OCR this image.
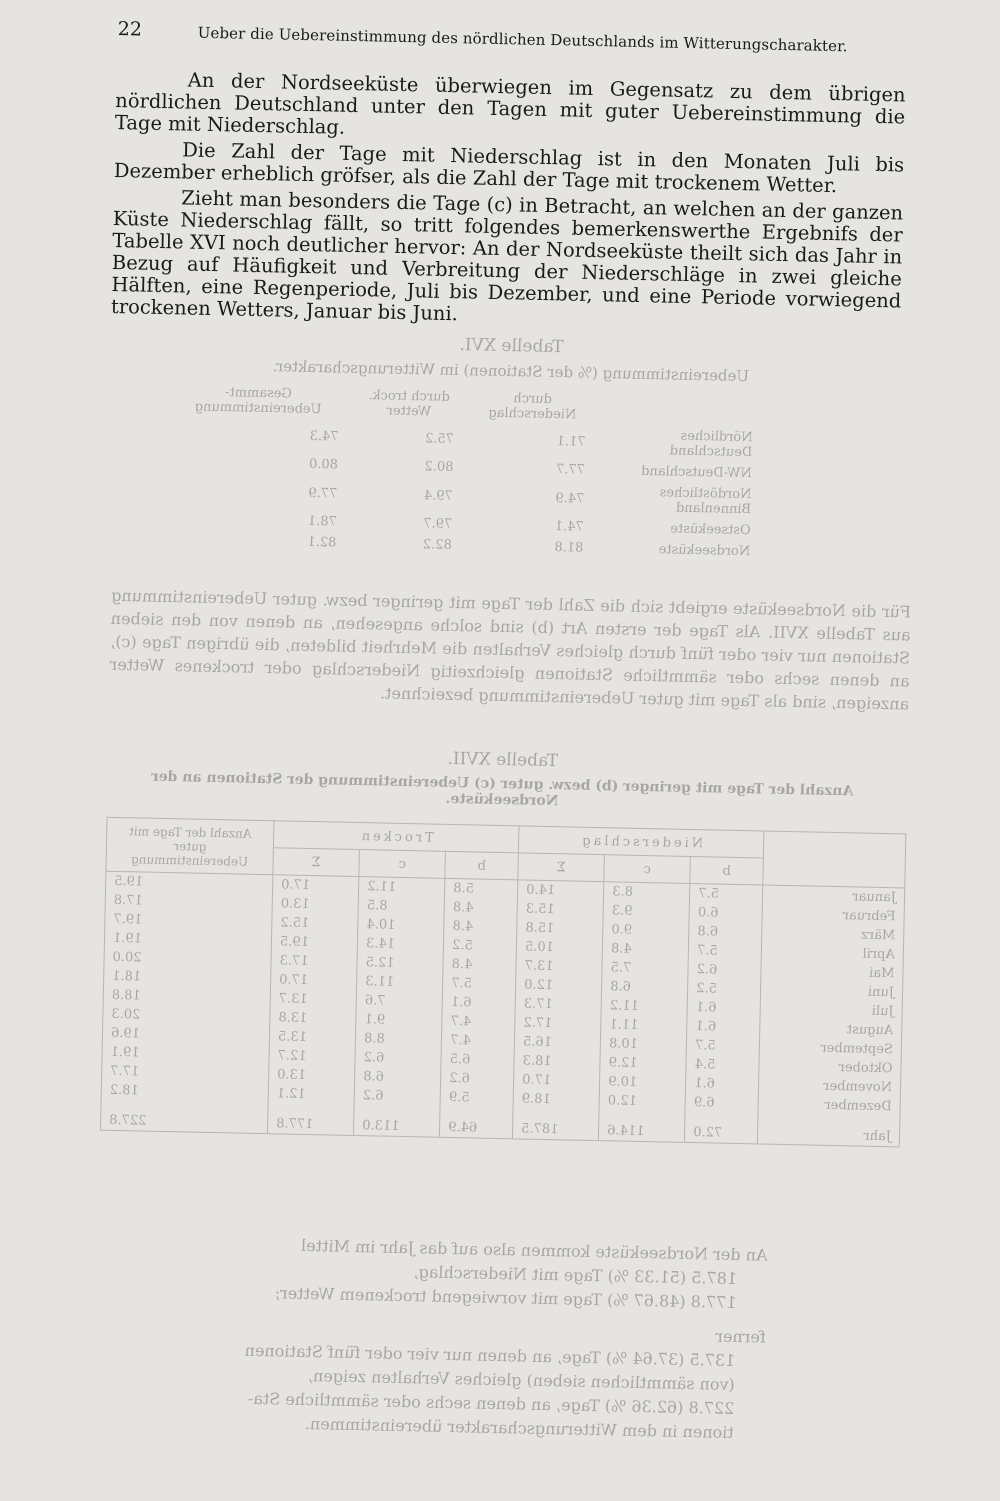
22	Ueber die Uebereinstimmung des nördlichen Deutschlands im Witterungscharakter.

An der Nordseeküste überwiegen im Gegensatz zu dem übrigen nördlichen Deutschland unter den Tagen mit guter Uebereinstimmung die Tage mit Niederschlag.

Die Zahl der Tage mit Niederschlag ist in den Monaten Juli bis Dezember erheblich gröfser, als die Zahl der Tage mit trockenem Wetter.

Zieht man besonders die Tage (c) in Betracht, an welchen an der ganzen Küste Niederschlag fällt, so tritt folgendes bemerkenswerthe Ergebnifs der Tabelle XVI noch deutlicher hervor: An der Nordseeküste theilt sich das Jahr in Bezug auf Häufigkeit und Verbreitung der Niederschläge in zwei gleiche Hälften, eine Regenperiode, Juli bis Dezember, und eine Periode vorwiegend trockenen Wetters, Januar bis Juni.

Tabelle XVI.
Uebereinstimmung (% der Stationen) im Witterungscharakter.
	durch Niederschlag	durch trock. Wetter	Gesammt-Uebereinstimmung
Nördliches Deutschland	71.1	75.2	74.3
NW-Deutschland	77.7	80.2	80.0
Nordöstliches Binnenland	74.9	79.4	77.9
Ostseeküste	74.1	79.7	78.1
Nordseeküste	81.8	82.2	82.1

Für die Nordseeküste ergiebt sich die Zahl der Tage mit geringer bezw. guter Uebereinstimmung aus Tabelle XVII. Als Tage der ersten Art (b) sind solche angesehen, an denen von den sieben Stationen nur vier oder fünf durch gleiches Verhalten die Mehrheit bildeten, die übrigen Tage (c), an denen sechs oder sämmtliche Stationen gleichzeitig Niederschlag oder trockenes Wetter anzeigen, sind als Tage mit guter Uebereinstimmung bezeichnet.

Tabelle XVII.
Anzahl der Tage mit geringer (b) bezw. guter (c) Uebereinstimmung der Stationen an der Nordseeküste.
	Niederschlag			Trocken			Anzahl der Tage mit guter Uebereinstimmung
	b	c	Σ	b	c	Σ	
Januar	5.7	8.3	14.0	5.8	11.2	17.0	19.5
Februar	6.0	9.3	15.3	4.8	8.5	13.0	17.8
März	6.8	9.0	15.8	4.8	10.4	15.2	19.7
April	5.7	4.8	10.5	5.2	14.3	19.5	19.1
Mai	6.2	7.5	13.7	4.8	12.5	17.3	20.0
Juni	5.2	6.8	12.0	5.7	11.3	17.0	18.1
Juli	6.1	11.2	17.3	6.1	7.6	13.7	18.8
August	6.1	11.1	17.2	4.7	9.1	13.8	20.3
September	5.7	10.8	16.5	4.7	8.8	13.5	19.6
Oktober	5.4	12.9	18.3	6.5	6.2	12.7	19.1
November	6.1	10.9	17.0	6.2	6.8	13.0	17.7
Dezember	6.9	12.0	18.9	5.9	6.2	12.1	18.2
Jahr	72.0	114.6	187.5	64.9	113.0	177.8	227.8
An der Nordseeküste kommen also auf das Jahr im Mittel
187.5 (51.33 %) Tage mit Niederschlag,
177.8 (48.67 %) Tage mit vorwiegend trockenem Wetter;
ferner
137.5 (37.64 %) Tage, an denen nur vier oder fünf Stationen
(von sämmtlichen sieben) gleiches Verhalten zeigen,
227.8 (62.36 %) Tage, an denen sechs oder sämmtliche Sta-
tionen in dem Witterungscharakter übereinstimmen.
